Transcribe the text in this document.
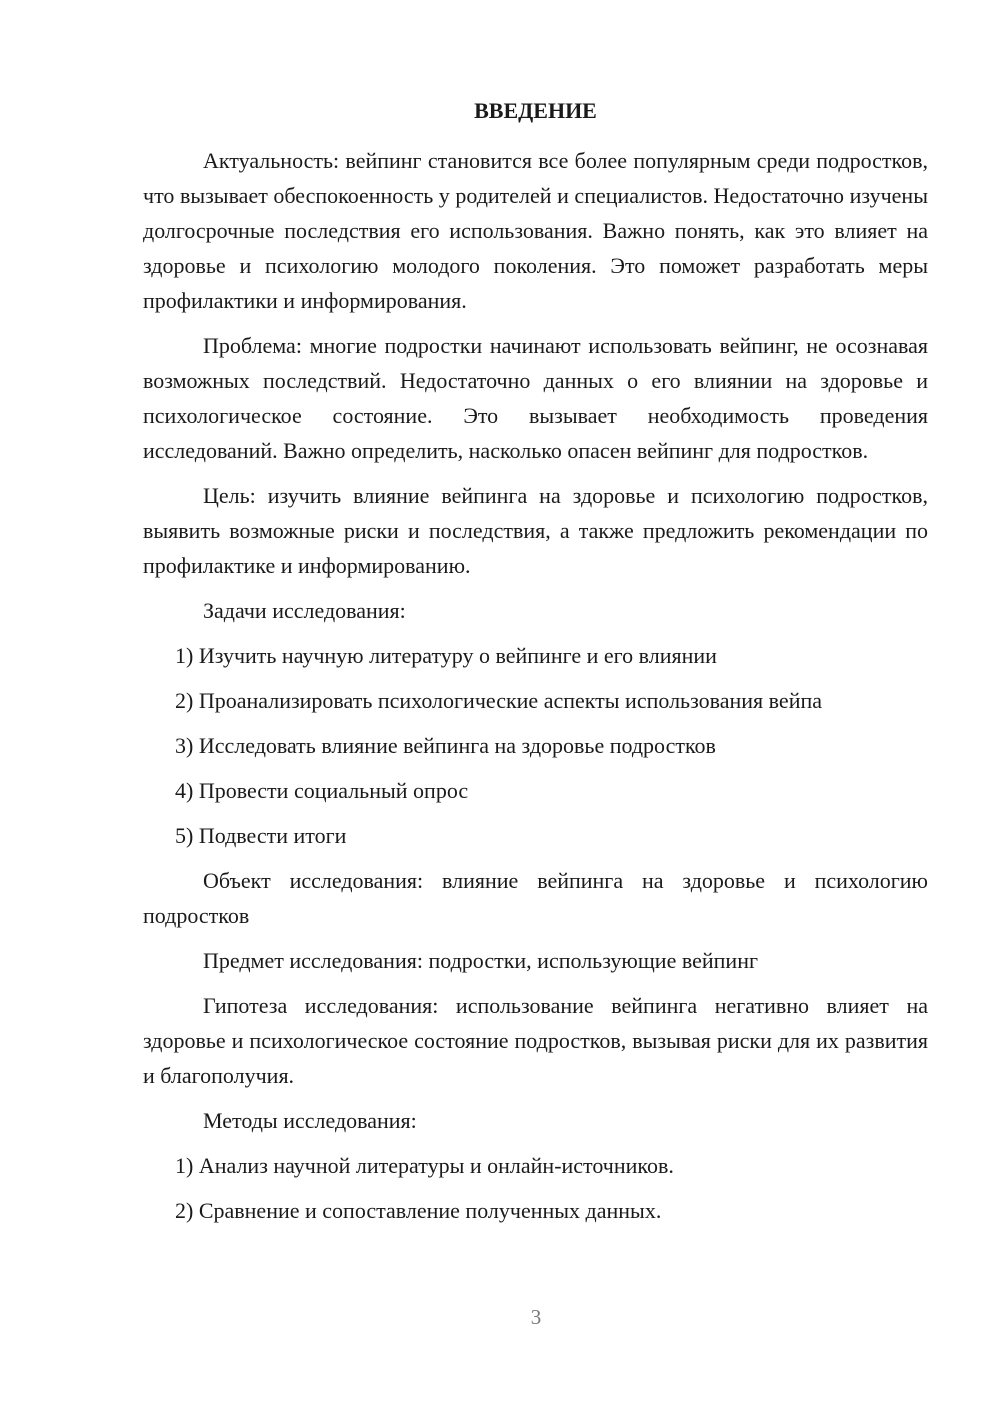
ВВЕДЕНИЕ

Актуальность: вейпинг становится все более популярным среди подростков, что вызывает обеспокоенность у родителей и специалистов. Недостаточно изучены долгосрочные последствия его использования. Важно понять, как это влияет на здоровье и психологию молодого поколения. Это поможет разработать меры профилактики и информирования.

Проблема: многие подростки начинают использовать вейпинг, не осознавая возможных последствий. Недостаточно данных о его влиянии на здоровье и психологическое состояние. Это вызывает необходимость проведения исследований. Важно определить, насколько опасен вейпинг для подростков.

Цель: изучить влияние вейпинга на здоровье и психологию подростков, выявить возможные риски и последствия, а также предложить рекомендации по профилактике и информированию.

Задачи исследования:

1) Изучить научную литературу о вейпинге и его влиянии

2) Проанализировать психологические аспекты использования вейпа

3) Исследовать влияние вейпинга на здоровье подростков

4) Провести социальный опрос

5) Подвести итоги

Объект исследования: влияние вейпинга на здоровье и психологию подростков

Предмет исследования: подростки, использующие вейпинг

Гипотеза исследования: использование вейпинга негативно влияет на здоровье и психологическое состояние подростков, вызывая риски для их развития и благополучия.

Методы исследования:

1) Анализ научной литературы и онлайн-источников.

2) Сравнение и сопоставление полученных данных.

3
